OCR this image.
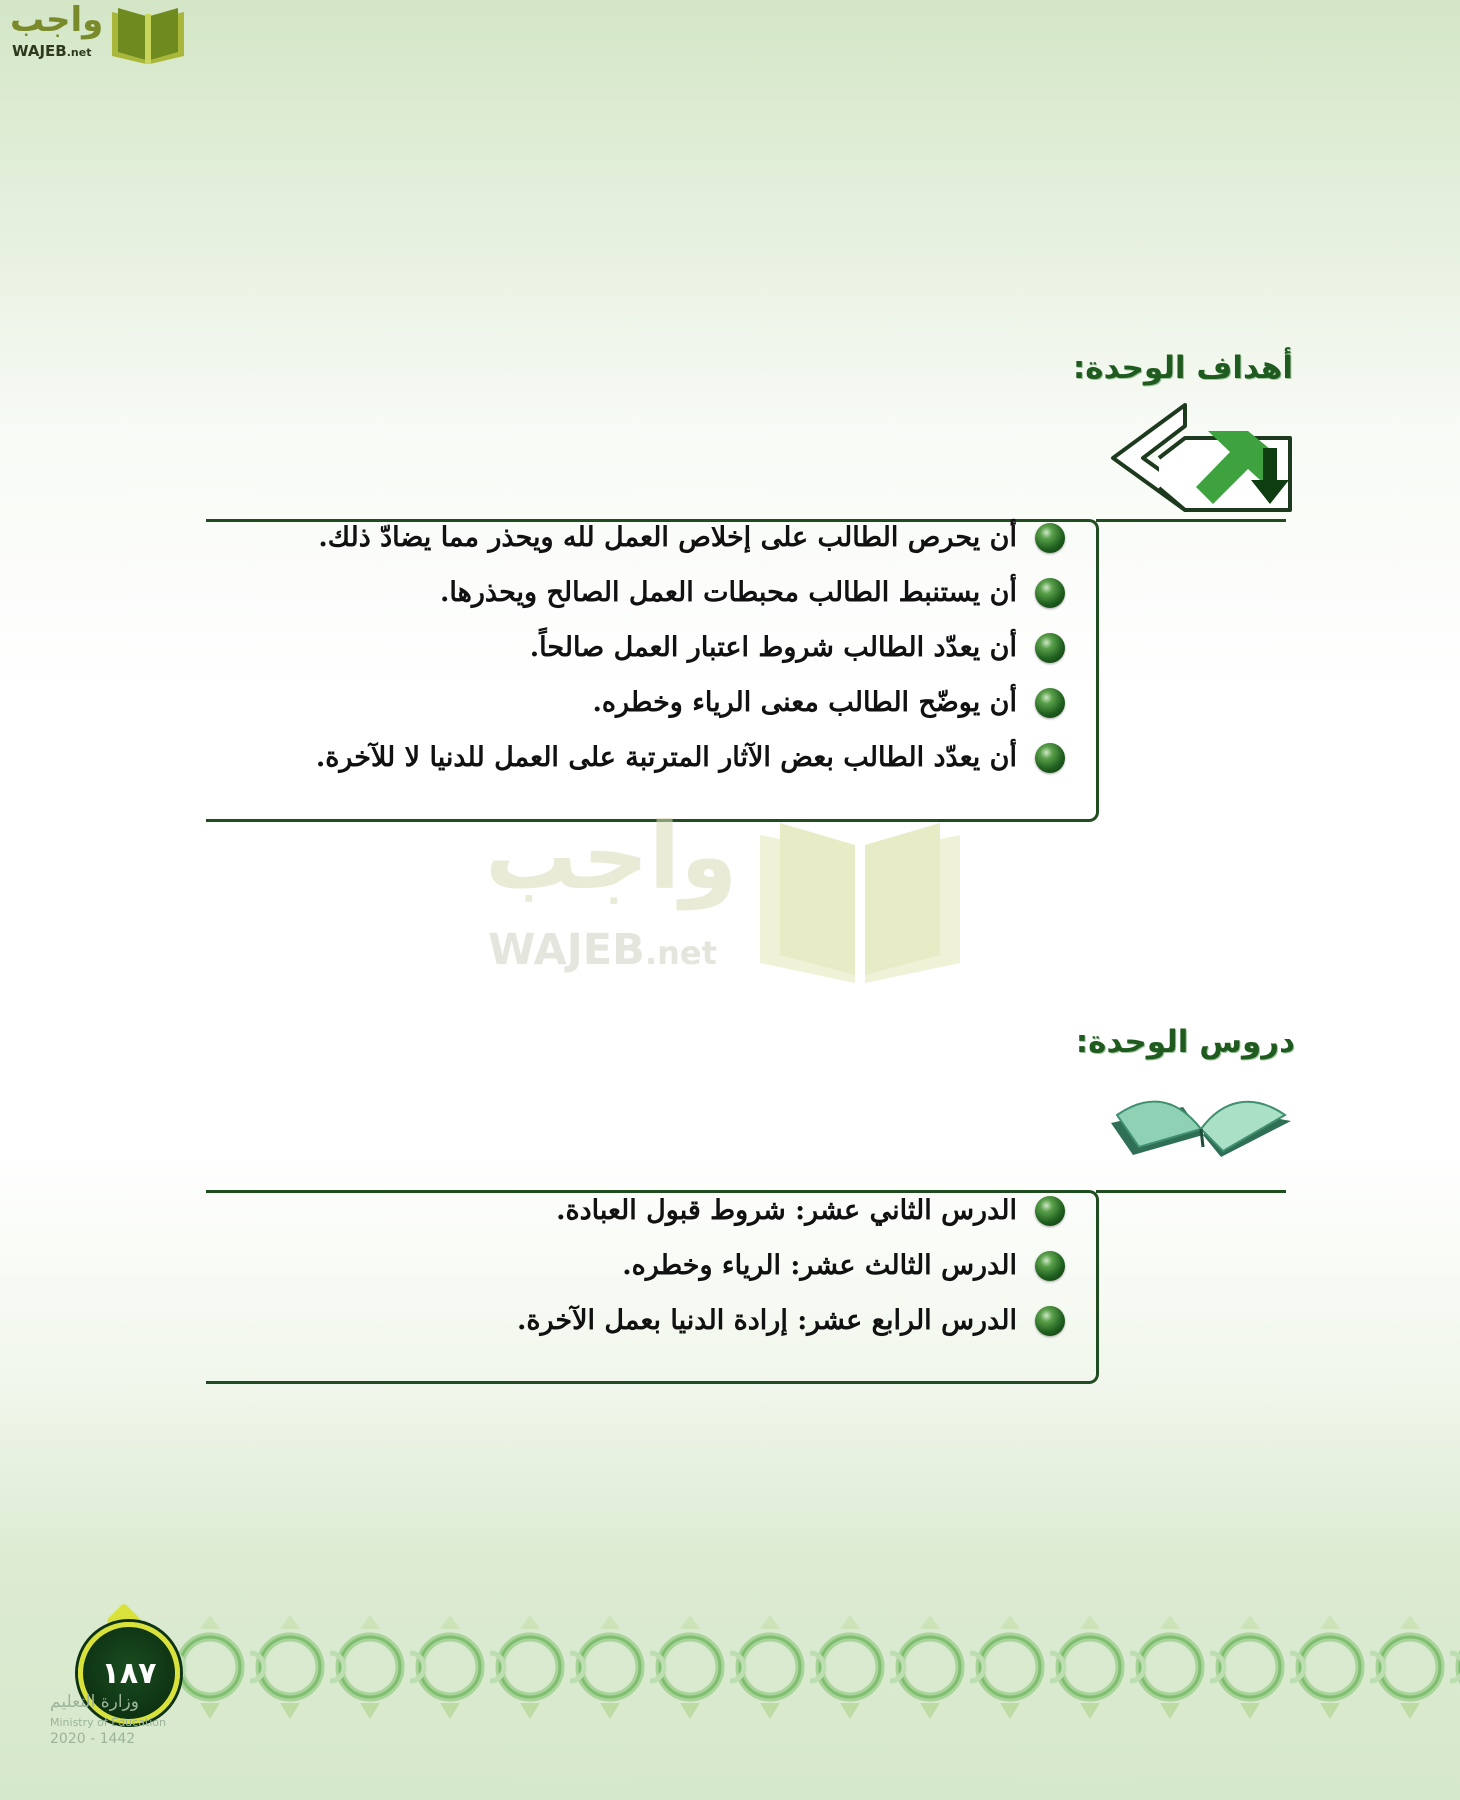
واجب
WAJEB.net
أهداف الوحدة:
أن يحرص الطالب على إخلاص العمل لله ويحذر مما يضادّ ذلك.
أن يستنبط الطالب محبطات العمل الصالح ويحذرها.
أن يعدّد الطالب شروط اعتبار العمل صالحاً.
أن يوضّح الطالب معنى الرياء وخطره.
أن يعدّد الطالب بعض الآثار المترتبة على العمل للدنيا لا للآخرة.
واجب
WAJEB.net
دروس الوحدة:
الدرس الثاني عشر: شروط قبول العبادة.
الدرس الثالث عشر: الرياء وخطره.
الدرس الرابع عشر: إرادة الدنيا بعمل الآخرة.
١٨٧
وزارة التعليم
Ministry of Education
2020 - 1442
